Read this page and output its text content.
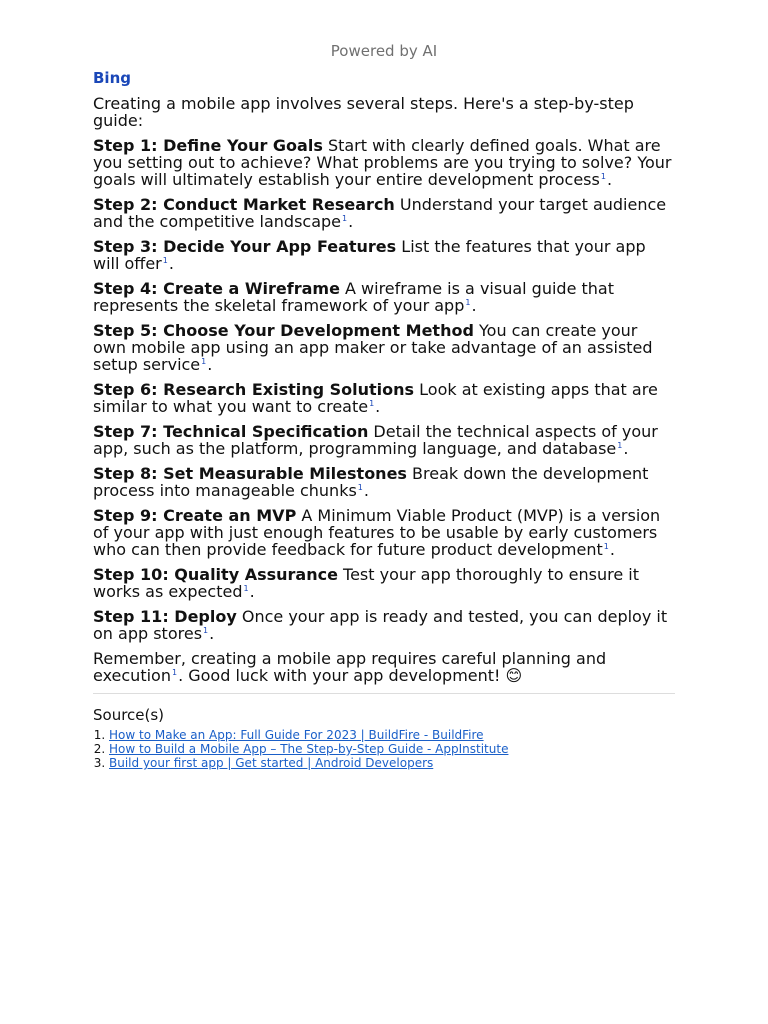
Powered by AI

Bing

Creating a mobile app involves several steps. Here's a step-by-step guide:

Step 1: Define Your Goals Start with clearly defined goals. What are you setting out to achieve? What problems are you trying to solve? Your goals will ultimately establish your entire development process$^1$.

Step 2: Conduct Market Research Understand your target audience and the competitive landscape$^1$.

Step 3: Decide Your App Features List the features that your app will offer$^1$.

Step 4: Create a Wireframe A wireframe is a visual guide that represents the skeletal framework of your app$^1$.

Step 5: Choose Your Development Method You can create your own mobile app using an app maker or take advantage of an assisted setup service$^1$.

Step 6: Research Existing Solutions Look at existing apps that are similar to what you want to create$^1$.

Step 7: Technical Specification Detail the technical aspects of your app, such as the platform, programming language, and database$^1$.

Step 8: Set Measurable Milestones Break down the development process into manageable chunks$^1$.

Step 9: Create an MVP A Minimum Viable Product (MVP) is a version of your app with just enough features to be usable by early customers who can then provide feedback for future product development$^1$.

Step 10: Quality Assurance Test your app thoroughly to ensure it works as expected$^1$.

Step 11: Deploy Once your app is ready and tested, you can deploy it on app stores$^1$.

Remember, creating a mobile app requires careful planning and execution$^1$. Good luck with your app development! 😊

Source(s)

1. How to Make an App: Full Guide For 2023 | BuildFire - BuildFire
2. How to Build a Mobile App – The Step-by-Step Guide - AppInstitute
3. Build your first app | Get started | Android Developers
